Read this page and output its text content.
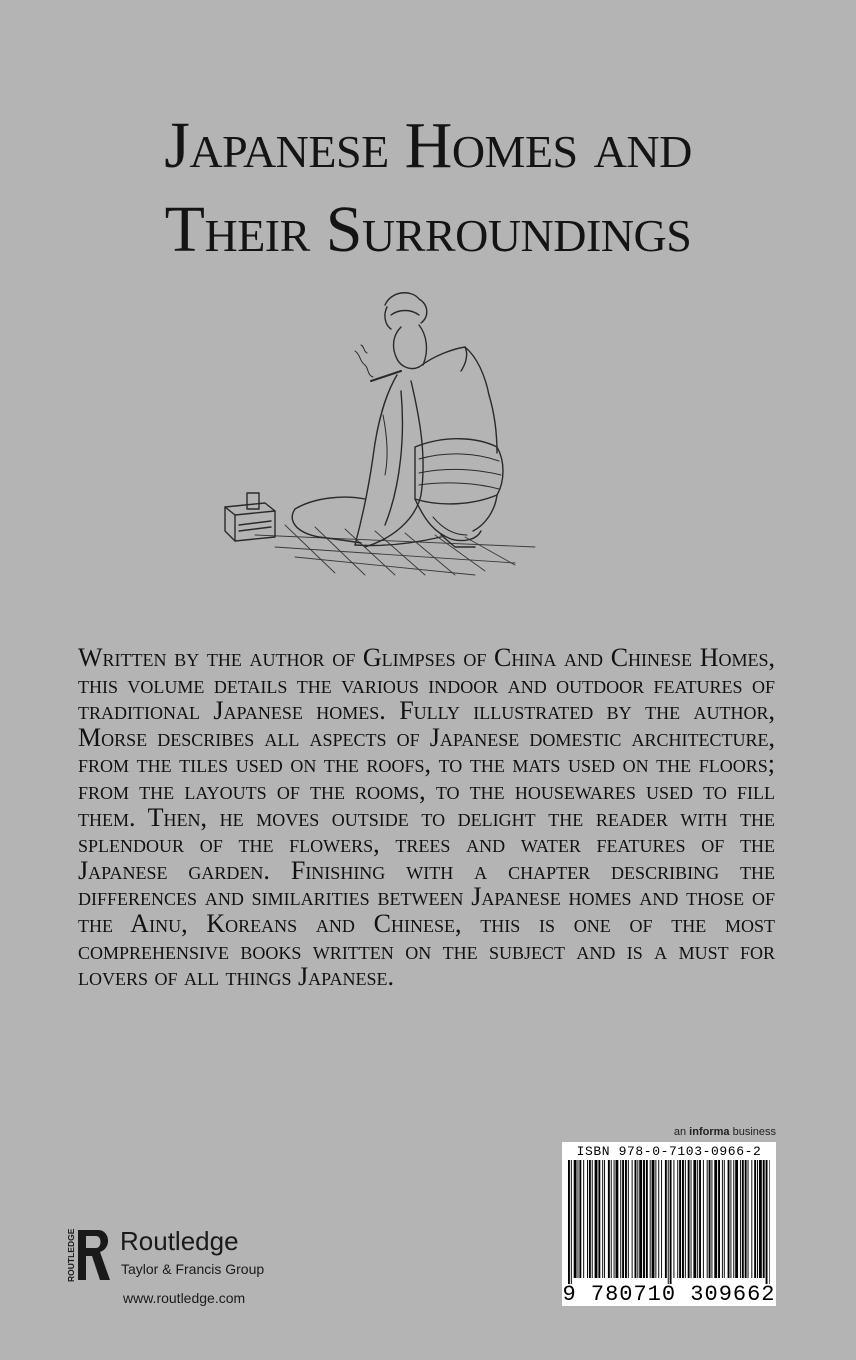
Japanese Homes and
Their Surroundings

Written by the author of Glimpses of China and Chinese Homes, this volume details the various indoor and outdoor features of traditional Japanese homes. Fully illustrated by the author, Morse describes all aspects of Japanese domestic architecture, from the tiles used on the roofs, to the mats used on the floors; from the layouts of the rooms, to the housewares used to fill them. Then, he moves outside to delight the reader with the splendour of the flowers, trees and water features of the Japanese garden. Finishing with a chapter describing the differences and similarities between Japanese homes and those of the Ainu, Koreans and Chinese, this is one of the most comprehensive books written on the subject and is a must for lovers of all things Japanese.

an informa business
ISBN 978-0-7103-0966-2
9 780710 309662
ROUTLEDGE Routledge
Taylor & Francis Group
www.routledge.com
